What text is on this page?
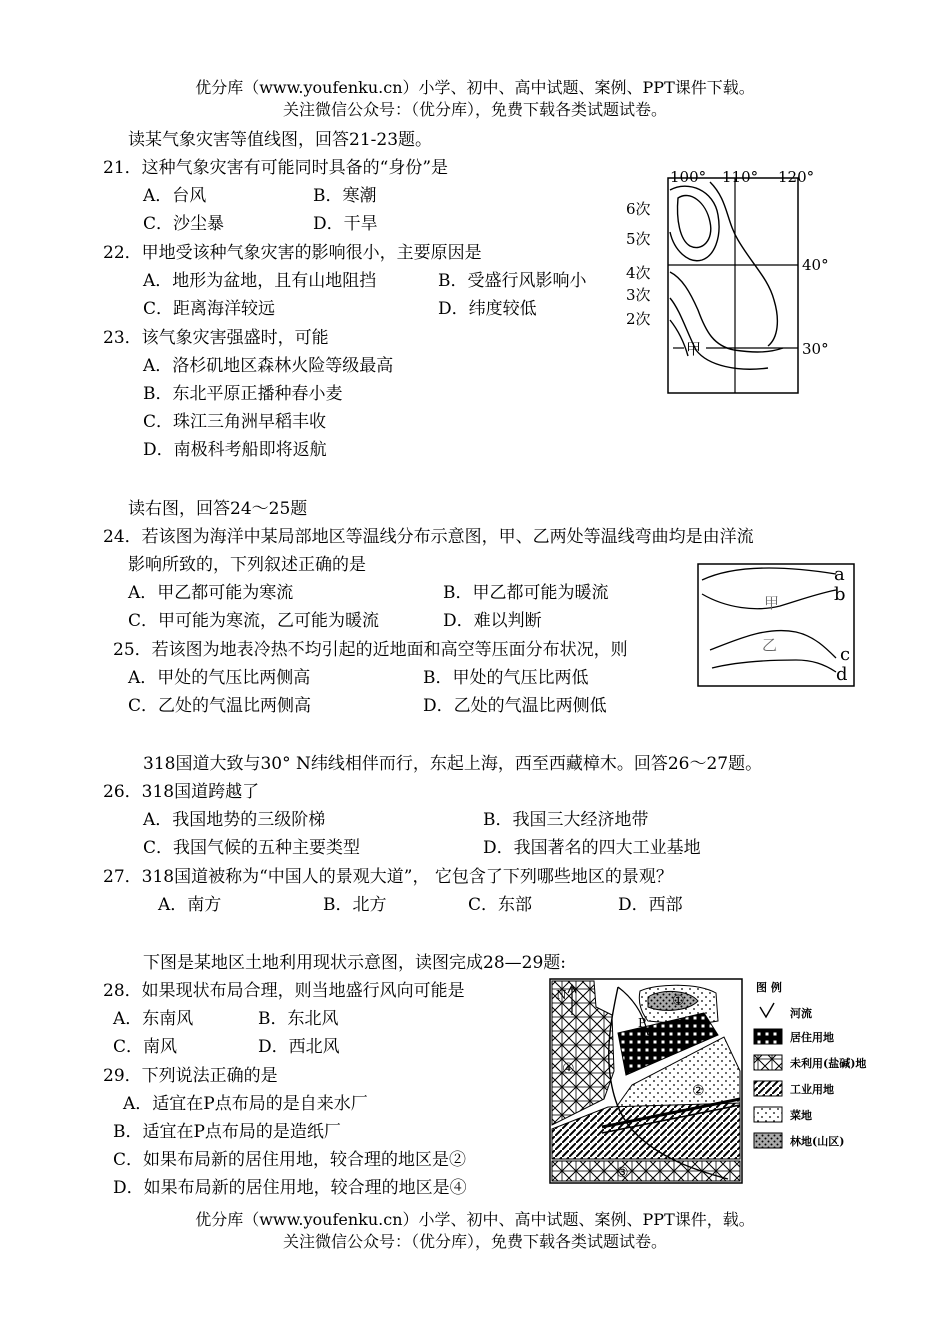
优分库（www.youfenku.cn）小学、初中、高中试题、案例、PPT课件下载。
关注微信公众号：（优分库），免费下载各类试题试卷。
读某气象灾害等值线图，回答21-23题。
21．这种气象灾害有可能同时具备的“身份”是
A．台风	B．寒潮
C．沙尘暴	D．干旱
22．甲地受该种气象灾害的影响很小，主要原因是
A．地形为盆地，且有山地阻挡	B．受盛行风影响小
C．距离海洋较远	D．纬度较低
23．该气象灾害强盛时，可能
A．洛杉矶地区森林火险等级最高
B．东北平原正播种春小麦
C．珠江三角洲早稻丰收
D．南极科考船即将返航
100° 110° 120°
40°
30°
6次
5次
4次
3次
2次
甲
读右图，回答24～25题
24．若该图为海洋中某局部地区等温线分布示意图，甲、乙两处等温线弯曲均是由洋流
影响所致的，下列叙述正确的是
A．甲乙都可能为寒流	B．甲乙都可能为暖流
C．甲可能为寒流，乙可能为暖流	D．难以判断
25．若该图为地表冷热不均引起的近地面和高空等压面分布状况，则
A．甲处的气压比两侧高	B．甲处的气压比两低
C．乙处的气温比两侧高	D．乙处的气温比两侧低
甲
乙
a
b
c
d
318国道大致与30° N纬线相伴而行，东起上海，西至西藏樟木。回答26～27题。
26．318国道跨越了
A．我国地势的三级阶梯	B．我国三大经济地带
C．我国气候的五种主要类型	D．我国著名的四大工业基地
27．318国道被称为“中国人的景观大道”， 它包含了下列哪些地区的景观？
A．南方	B．北方	C．东部	D．西部
下图是某地区土地利用现状示意图，读图完成28—29题:
28．如果现状布局合理，则当地盛行风向可能是
A．东南风	B．东北风
C．南风	D．西北风
29．下列说法正确的是
A．适宜在P点布局的是自来水厂
B．适宜在P点布局的是造纸厂
C．如果布局新的居住用地，较合理的地区是②
D．如果布局新的居住用地，较合理的地区是④
N
P
①
②
③
④
图 例
河流
居住用地
未利用(盐碱)地
工业用地
菜地
林地(山区)
优分库（www.youfenku.cn）小学、初中、高中试题、案例、PPT课件，载。
关注微信公众号：（优分库），免费下载各类试题试卷。
